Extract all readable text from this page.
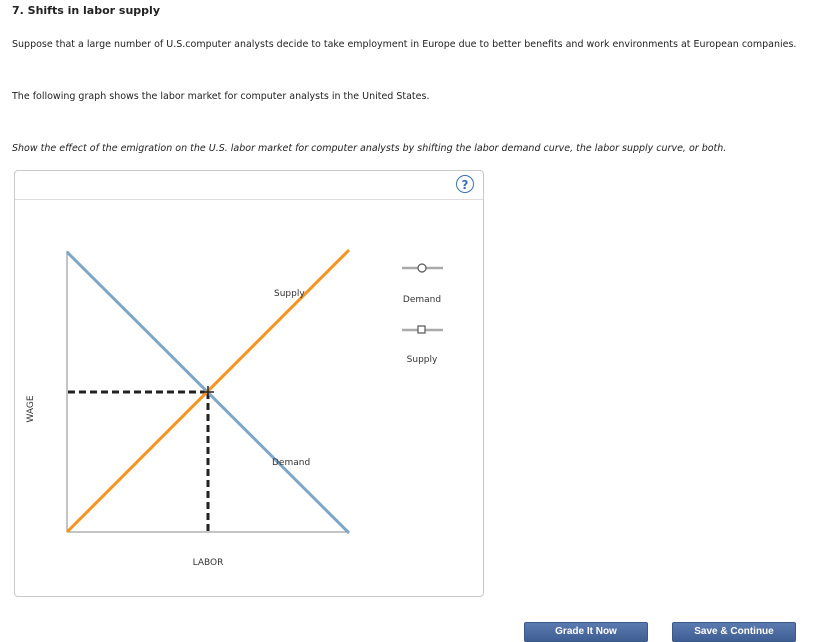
7. Shifts in labor supply

Suppose that a large number of U.S.computer analysts decide to take employment in Europe due to better benefits and work environments at European companies.

The following graph shows the labor market for computer analysts in the United States.

Show the effect of the emigration on the U.S. labor market for computer analysts by shifting the labor demand curve, the labor supply curve, or both.

?
WAGE
LABOR
Supply
Demand
Demand
Supply
Grade It Now	Save & Continue
